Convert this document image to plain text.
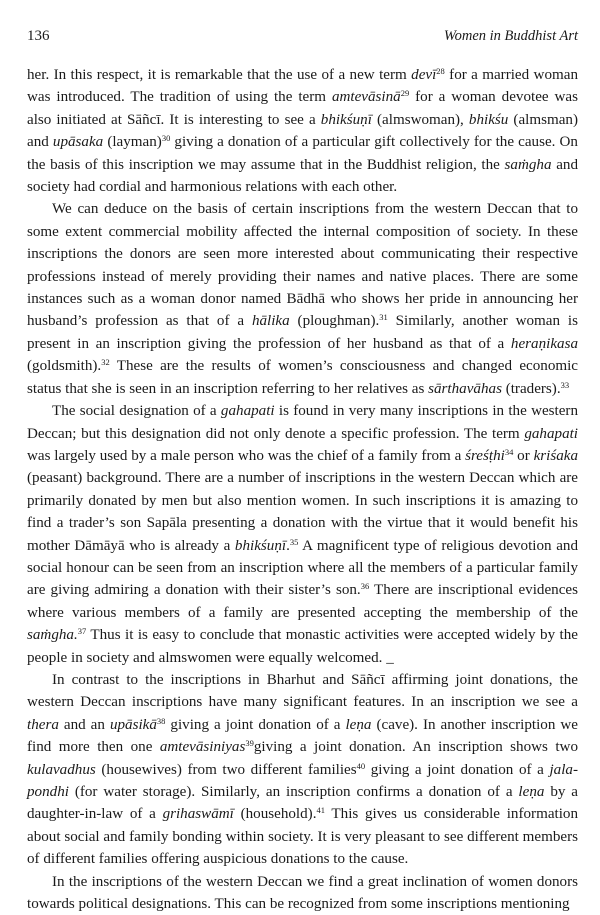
136	Women in Buddhist Art

her. In this respect, it is remarkable that the use of a new term devī$^{28}$ for a married woman was introduced. The tradition of using the term amtevāsinā$^{29}$ for a woman devotee was also initiated at Sāñcī. It is interesting to see a bhikśuṇī (almswoman), bhikśu (almsman) and upāsaka (layman)$^{30}$ giving a donation of a particular gift collectively for the cause. On the basis of this inscription we may assume that in the Buddhist religion, the saṁgha and society had cordial and harmonious relations with each other.

We can deduce on the basis of certain inscriptions from the western Deccan that to some extent commercial mobility affected the internal composition of society. In these inscriptions the donors are seen more interested about communicating their respective professions instead of merely providing their names and native places. There are some instances such as a woman donor named Bādhā who shows her pride in announcing her husband’s profession as that of a hālika (ploughman).$^{31}$ Similarly, another woman is present in an inscription giving the profession of her husband as that of a heraṇikasa (goldsmith).$^{32}$ These are the results of women’s consciousness and changed economic status that she is seen in an inscription referring to her relatives as sārthavāhas (traders).$^{33}$

The social designation of a gahapati is found in very many inscriptions in the western Deccan; but this designation did not only denote a specific profession. The term gahapati was largely used by a male person who was the chief of a family from a śreśṭhi$^{34}$ or kriśaka (peasant) background. There are a number of inscriptions in the western Deccan which are primarily donated by men but also mention women. In such inscriptions it is amazing to find a trader’s son Sapāla presenting a donation with the virtue that it would benefit his mother Dāmāyā who is already a bhikśuṇī.$^{35}$ A magnificent type of religious devotion and social honour can be seen from an inscription where all the members of a particular family are giving admiring a donation with their sister’s son.$^{36}$ There are inscriptional evidences where various members of a family are presented accepting the membership of the saṁgha.$^{37}$ Thus it is easy to conclude that monastic activities were accepted widely by the people in society and almswomen were equally welcomed. _

In contrast to the inscriptions in Bharhut and Sāñcī affirming joint donations, the western Deccan inscriptions have many significant features. In an inscription we see a thera and an upāsikā$^{38}$ giving a joint donation of a leṇa (cave). In another inscription we find more then one amtevāsiniyas$^{39}$giving a joint donation. An inscription shows two kulavadhus (housewives) from two different families$^{40}$ giving a joint donation of a jala-pondhi (for water storage). Similarly, an inscription confirms a donation of a leṇa by a daughter-in-law of a grihaswāmī (household).$^{41}$ This gives us considerable information about social and family bonding within society. It is very pleasant to see different members of different families offering auspicious donations to the cause.

In the inscriptions of the western Deccan we find a great inclination of women donors towards political designations. This can be recognized from some inscriptions mentioning
